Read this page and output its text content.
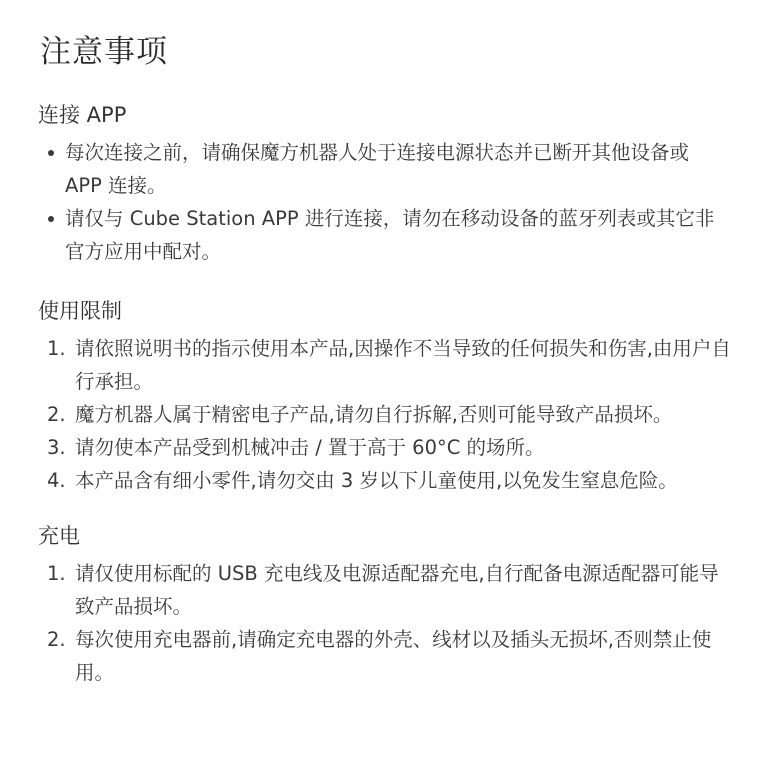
注意事项
连接 APP
每次连接之前，请确保魔方机器人处于连接电源状态并已断开其他设备或 APP 连接。
请仅与 Cube Station APP 进行连接，请勿在移动设备的蓝牙列表或其它非官方应用中配对。
使用限制
1. 请依照说明书的指示使用本产品,因操作不当导致的任何损失和伤害,由用户自行承担。
2. 魔方机器人属于精密电子产品,请勿自行拆解,否则可能导致产品损坏。
3. 请勿使本产品受到机械冲击 / 置于高于 60°C 的场所。
4. 本产品含有细小零件,请勿交由 3 岁以下儿童使用,以免发生窒息危险。
充电
1. 请仅使用标配的 USB 充电线及电源适配器充电,自行配备电源适配器可能导致产品损坏。
2. 每次使用充电器前,请确定充电器的外壳、线材以及插头无损坏,否则禁止使用。
